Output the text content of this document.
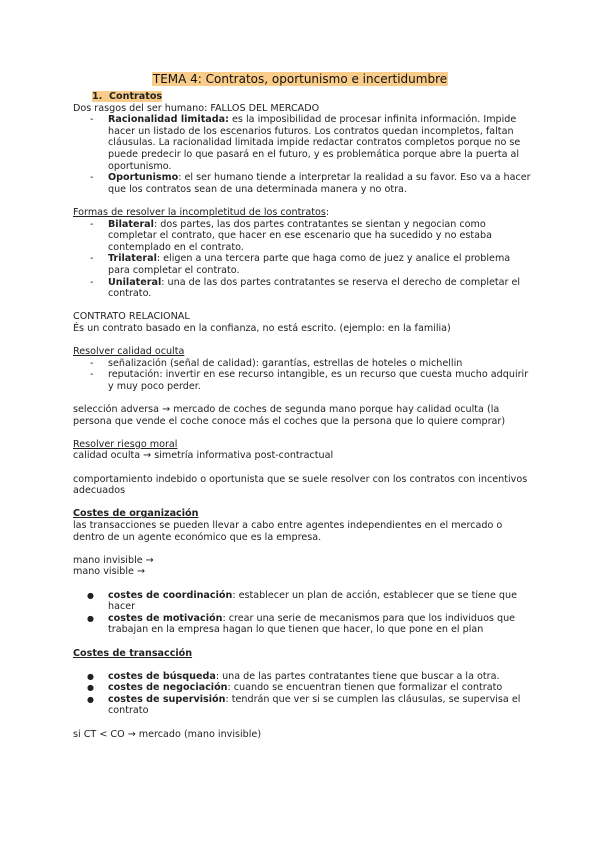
TEMA 4: Contratos, oportunismo e incertidumbre
1. Contratos

Dos rasgos del ser humano: FALLOS DEL MERCADO

- Racionalidad limitada: es la imposibilidad de procesar infinita información. Impide hacer un listado de los escenarios futuros. Los contratos quedan incompletos, faltan cláusulas. La racionalidad limitada impide redactar contratos completos porque no se puede predecir lo que pasará en el futuro, y es problemática porque abre la puerta al oportunismo.
- Oportunismo: el ser humano tiende a interpretar la realidad a su favor. Eso va a hacer que los contratos sean de una determinada manera y no otra.

Formas de resolver la incompletitud de los contratos:

- Bilateral: dos partes, las dos partes contratantes se sientan y negocian como completar el contrato, que hacer en ese escenario que ha sucedido y no estaba contemplado en el contrato.
- Trilateral: eligen a una tercera parte que haga como de juez y analice el problema para completar el contrato.
- Unilateral: una de las dos partes contratantes se reserva el derecho de completar el contrato.

CONTRATO RELACIONAL

És un contrato basado en la confianza, no está escrito. (ejemplo: en la familia)

Resolver calidad oculta

- señalización (señal de calidad): garantías, estrellas de hoteles o michellin
- reputación: invertir en ese recurso intangible, es un recurso que cuesta mucho adquirir y muy poco perder.

selección adversa → mercado de coches de segunda mano porque hay calidad oculta (la persona que vende el coche conoce más el coches que la persona que lo quiere comprar)

Resolver riesgo moral

calidad oculta → simetría informativa post-contractual

comportamiento indebido o oportunista que se suele resolver con los contratos con incentivos adecuados

Costes de organización

las transacciones se pueden llevar a cabo entre agentes independientes en el mercado o dentro de un agente económico que es la empresa.

mano invisible →

mano visible →

● costes de coordinación: establecer un plan de acción, establecer que se tiene que hacer
● costes de motivación: crear una serie de mecanismos para que los individuos que trabajan en la empresa hagan lo que tienen que hacer, lo que pone en el plan

Costes de transacción

● costes de búsqueda: una de las partes contratantes tiene que buscar a la otra.
● costes de negociación: cuando se encuentran tienen que formalizar el contrato
● costes de supervisión: tendrán que ver si se cumplen las cláusulas, se supervisa el contrato

si CT < CO → mercado (mano invisible)
